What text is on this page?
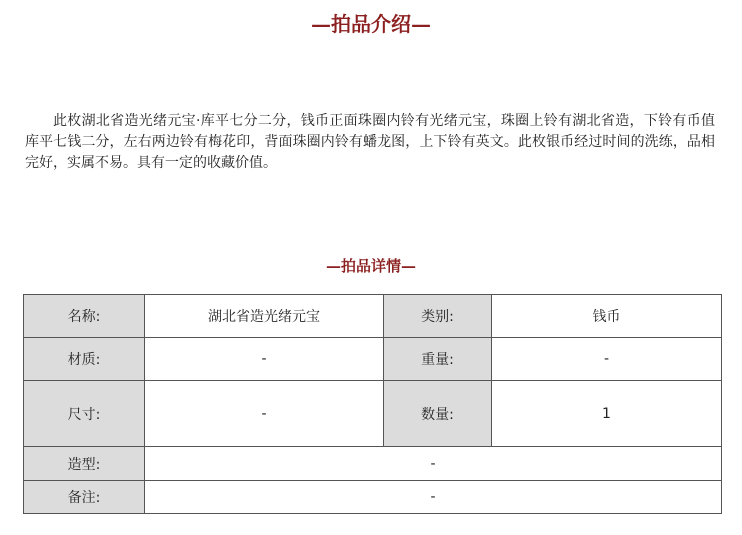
—拍品介绍—

此枚湖北省造光绪元宝·库平七分二分，钱币正面珠圈内铃有光绪元宝，珠圈上铃有湖北省造，下铃有币值库平七钱二分，左右两边铃有梅花印，背面珠圈内铃有蟠龙图，上下铃有英文。此枚银币经过时间的洗练，品相完好，实属不易。具有一定的收藏价值。

—拍品详情—
名称:	湖北省造光绪元宝	类别:	钱币
材质:	-	重量:	-
尺寸:	-	数量:	1
造型:	-		
备注:	-		
